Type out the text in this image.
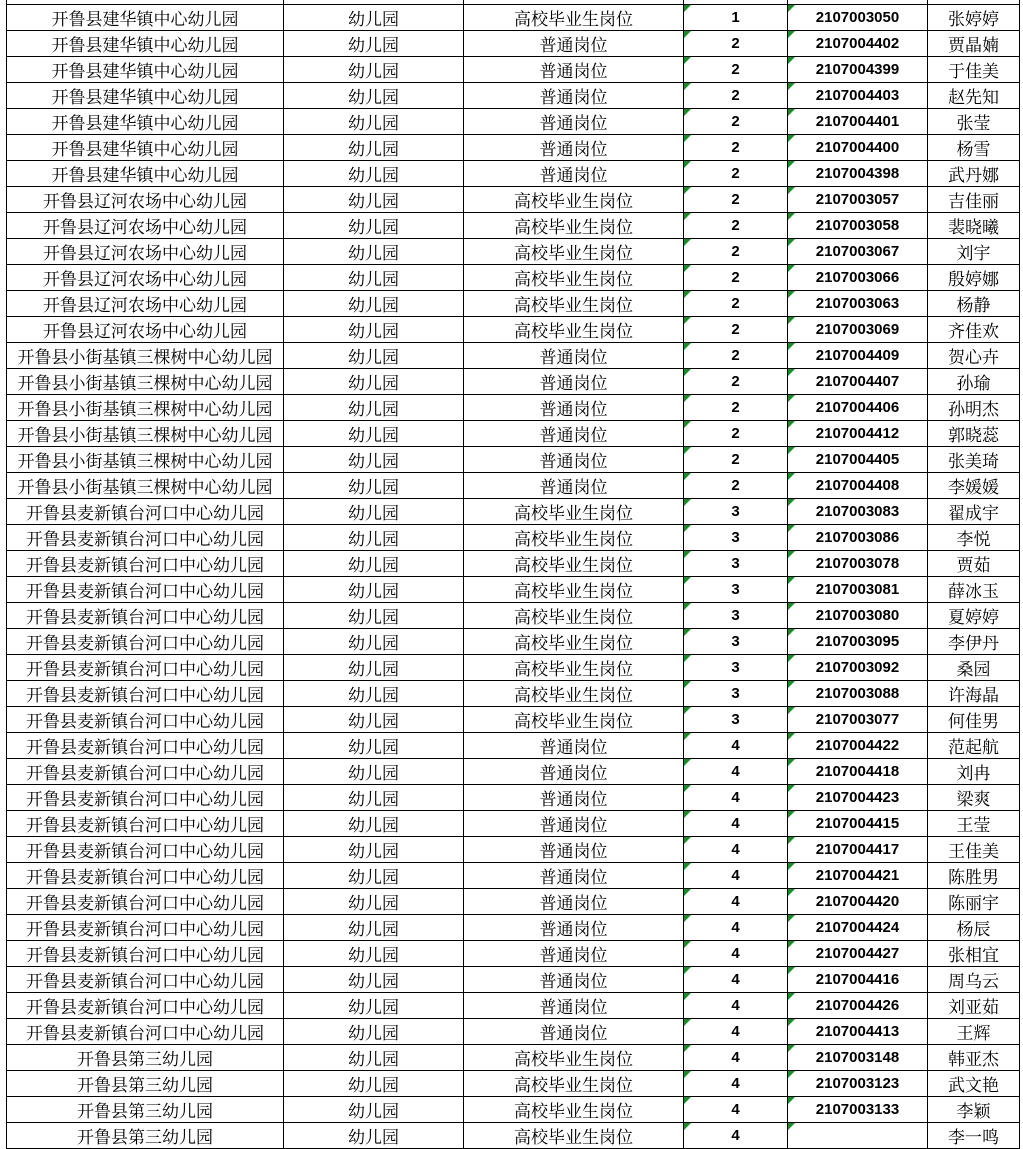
开鲁县建华镇中心幼儿园	幼儿园	高校毕业生岗位	1	2107003050	张婷婷
开鲁县建华镇中心幼儿园	幼儿园	普通岗位	2	2107004402	贾晶婻
开鲁县建华镇中心幼儿园	幼儿园	普通岗位	2	2107004399	于佳美
开鲁县建华镇中心幼儿园	幼儿园	普通岗位	2	2107004403	赵先知
开鲁县建华镇中心幼儿园	幼儿园	普通岗位	2	2107004401	张莹
开鲁县建华镇中心幼儿园	幼儿园	普通岗位	2	2107004400	杨雪
开鲁县建华镇中心幼儿园	幼儿园	普通岗位	2	2107004398	武丹娜
开鲁县辽河农场中心幼儿园	幼儿园	高校毕业生岗位	2	2107003057	吉佳丽
开鲁县辽河农场中心幼儿园	幼儿园	高校毕业生岗位	2	2107003058	裴晓曦
开鲁县辽河农场中心幼儿园	幼儿园	高校毕业生岗位	2	2107003067	刘宇
开鲁县辽河农场中心幼儿园	幼儿园	高校毕业生岗位	2	2107003066	殷婷娜
开鲁县辽河农场中心幼儿园	幼儿园	高校毕业生岗位	2	2107003063	杨静
开鲁县辽河农场中心幼儿园	幼儿园	高校毕业生岗位	2	2107003069	齐佳欢
开鲁县小街基镇三棵树中心幼儿园	幼儿园	普通岗位	2	2107004409	贺心卉
开鲁县小街基镇三棵树中心幼儿园	幼儿园	普通岗位	2	2107004407	孙瑜
开鲁县小街基镇三棵树中心幼儿园	幼儿园	普通岗位	2	2107004406	孙明杰
开鲁县小街基镇三棵树中心幼儿园	幼儿园	普通岗位	2	2107004412	郭晓蕊
开鲁县小街基镇三棵树中心幼儿园	幼儿园	普通岗位	2	2107004405	张美琦
开鲁县小街基镇三棵树中心幼儿园	幼儿园	普通岗位	2	2107004408	李媛媛
开鲁县麦新镇台河口中心幼儿园	幼儿园	高校毕业生岗位	3	2107003083	翟成宇
开鲁县麦新镇台河口中心幼儿园	幼儿园	高校毕业生岗位	3	2107003086	李悦
开鲁县麦新镇台河口中心幼儿园	幼儿园	高校毕业生岗位	3	2107003078	贾茹
开鲁县麦新镇台河口中心幼儿园	幼儿园	高校毕业生岗位	3	2107003081	薛冰玉
开鲁县麦新镇台河口中心幼儿园	幼儿园	高校毕业生岗位	3	2107003080	夏婷婷
开鲁县麦新镇台河口中心幼儿园	幼儿园	高校毕业生岗位	3	2107003095	李伊丹
开鲁县麦新镇台河口中心幼儿园	幼儿园	高校毕业生岗位	3	2107003092	桑园
开鲁县麦新镇台河口中心幼儿园	幼儿园	高校毕业生岗位	3	2107003088	许海晶
开鲁县麦新镇台河口中心幼儿园	幼儿园	高校毕业生岗位	3	2107003077	何佳男
开鲁县麦新镇台河口中心幼儿园	幼儿园	普通岗位	4	2107004422	范起航
开鲁县麦新镇台河口中心幼儿园	幼儿园	普通岗位	4	2107004418	刘冉
开鲁县麦新镇台河口中心幼儿园	幼儿园	普通岗位	4	2107004423	梁爽
开鲁县麦新镇台河口中心幼儿园	幼儿园	普通岗位	4	2107004415	王莹
开鲁县麦新镇台河口中心幼儿园	幼儿园	普通岗位	4	2107004417	王佳美
开鲁县麦新镇台河口中心幼儿园	幼儿园	普通岗位	4	2107004421	陈胜男
开鲁县麦新镇台河口中心幼儿园	幼儿园	普通岗位	4	2107004420	陈丽宇
开鲁县麦新镇台河口中心幼儿园	幼儿园	普通岗位	4	2107004424	杨辰
开鲁县麦新镇台河口中心幼儿园	幼儿园	普通岗位	4	2107004427	张相宜
开鲁县麦新镇台河口中心幼儿园	幼儿园	普通岗位	4	2107004416	周乌云
开鲁县麦新镇台河口中心幼儿园	幼儿园	普通岗位	4	2107004426	刘亚茹
开鲁县麦新镇台河口中心幼儿园	幼儿园	普通岗位	4	2107004413	王辉
开鲁县第三幼儿园	幼儿园	高校毕业生岗位	4	2107003148	韩亚杰
开鲁县第三幼儿园	幼儿园	高校毕业生岗位	4	2107003123	武文艳
开鲁县第三幼儿园	幼儿园	高校毕业生岗位	4	2107003133	李颖
开鲁县第三幼儿园	幼儿园	高校毕业生岗位	4		李一鸣
